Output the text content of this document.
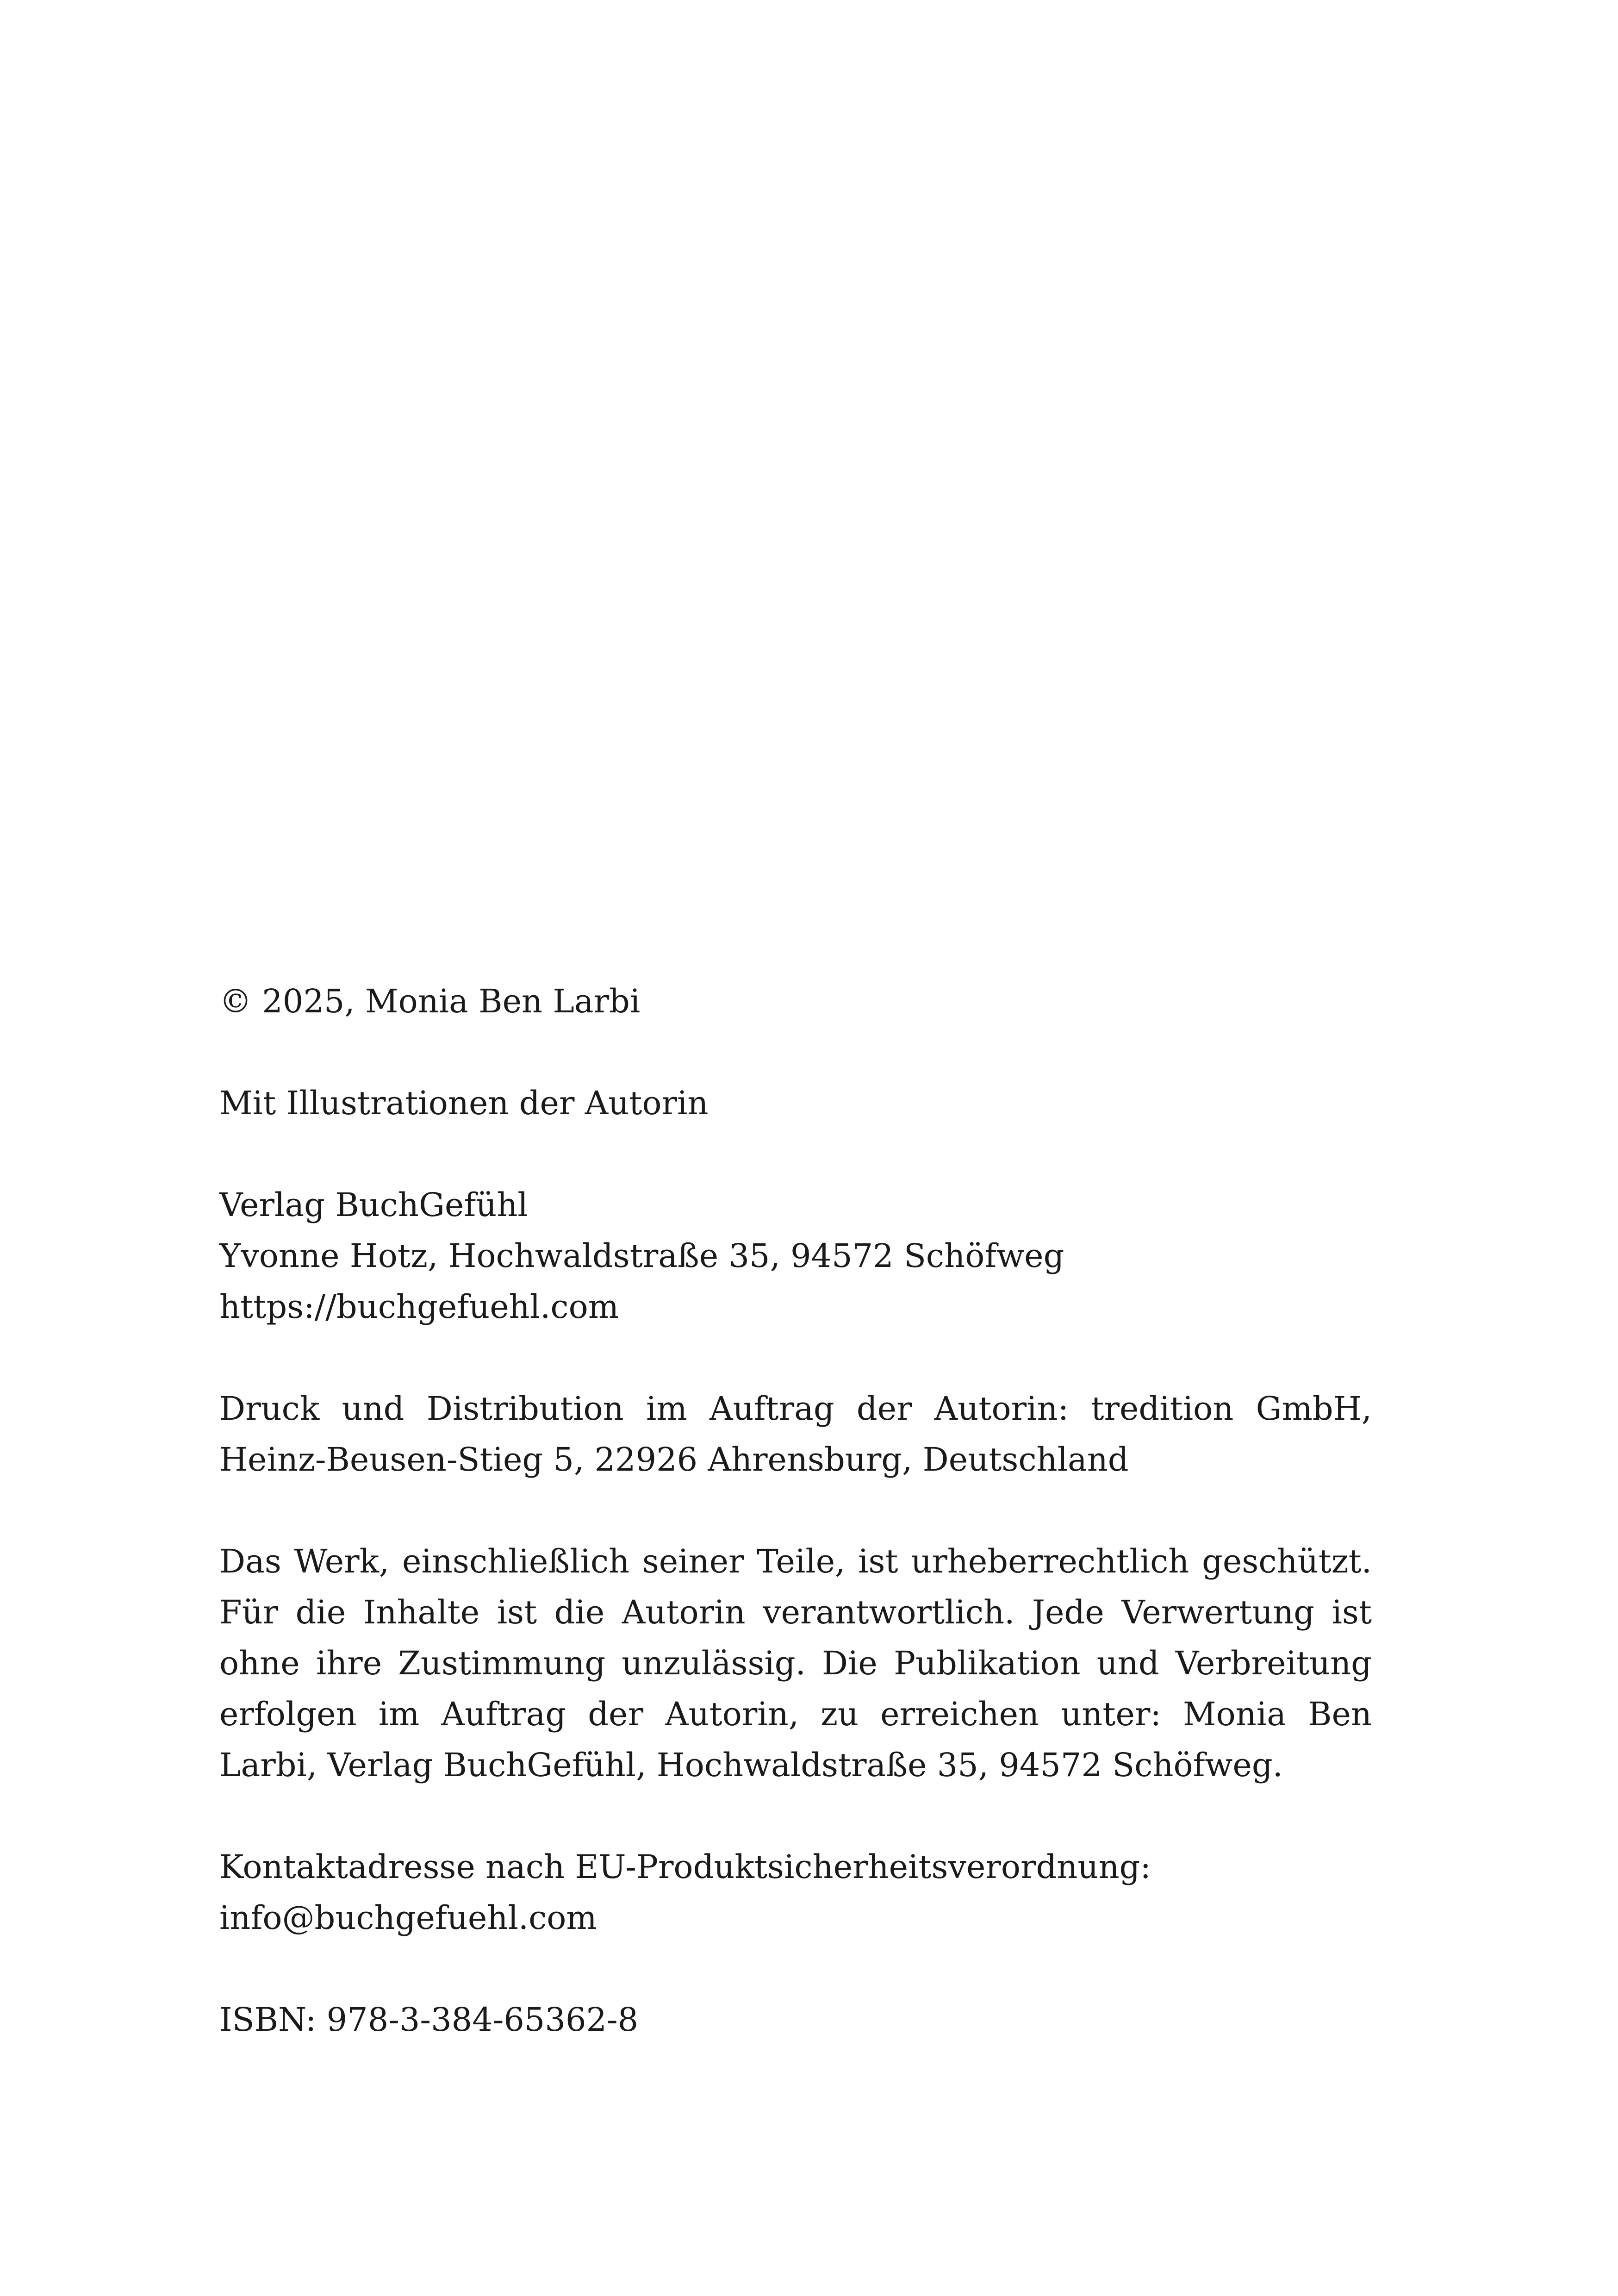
© 2025, Monia Ben Larbi
Mit Illustrationen der Autorin
Verlag BuchGefühl
Yvonne Hotz, Hochwaldstraße 35, 94572 Schöfweg
https://buchgefuehl.com
Druck und Distribution im Auftrag der Autorin: tredition GmbH, Heinz-Beusen-Stieg 5, 22926 Ahrensburg, Deutschland
Das Werk, einschließlich seiner Teile, ist urheberrechtlich geschützt. Für die Inhalte ist die Autorin verantwortlich. Jede Verwertung ist ohne ihre Zustimmung unzulässig. Die Publikation und Verbreitung erfolgen im Auftrag der Autorin, zu erreichen unter: Monia Ben Larbi, Verlag BuchGefühl, Hochwaldstraße 35, 94572 Schöfweg.
Kontaktadresse nach EU-Produktsicherheitsverordnung:
info@buchgefuehl.com
ISBN: 978-3-384-65362-8
